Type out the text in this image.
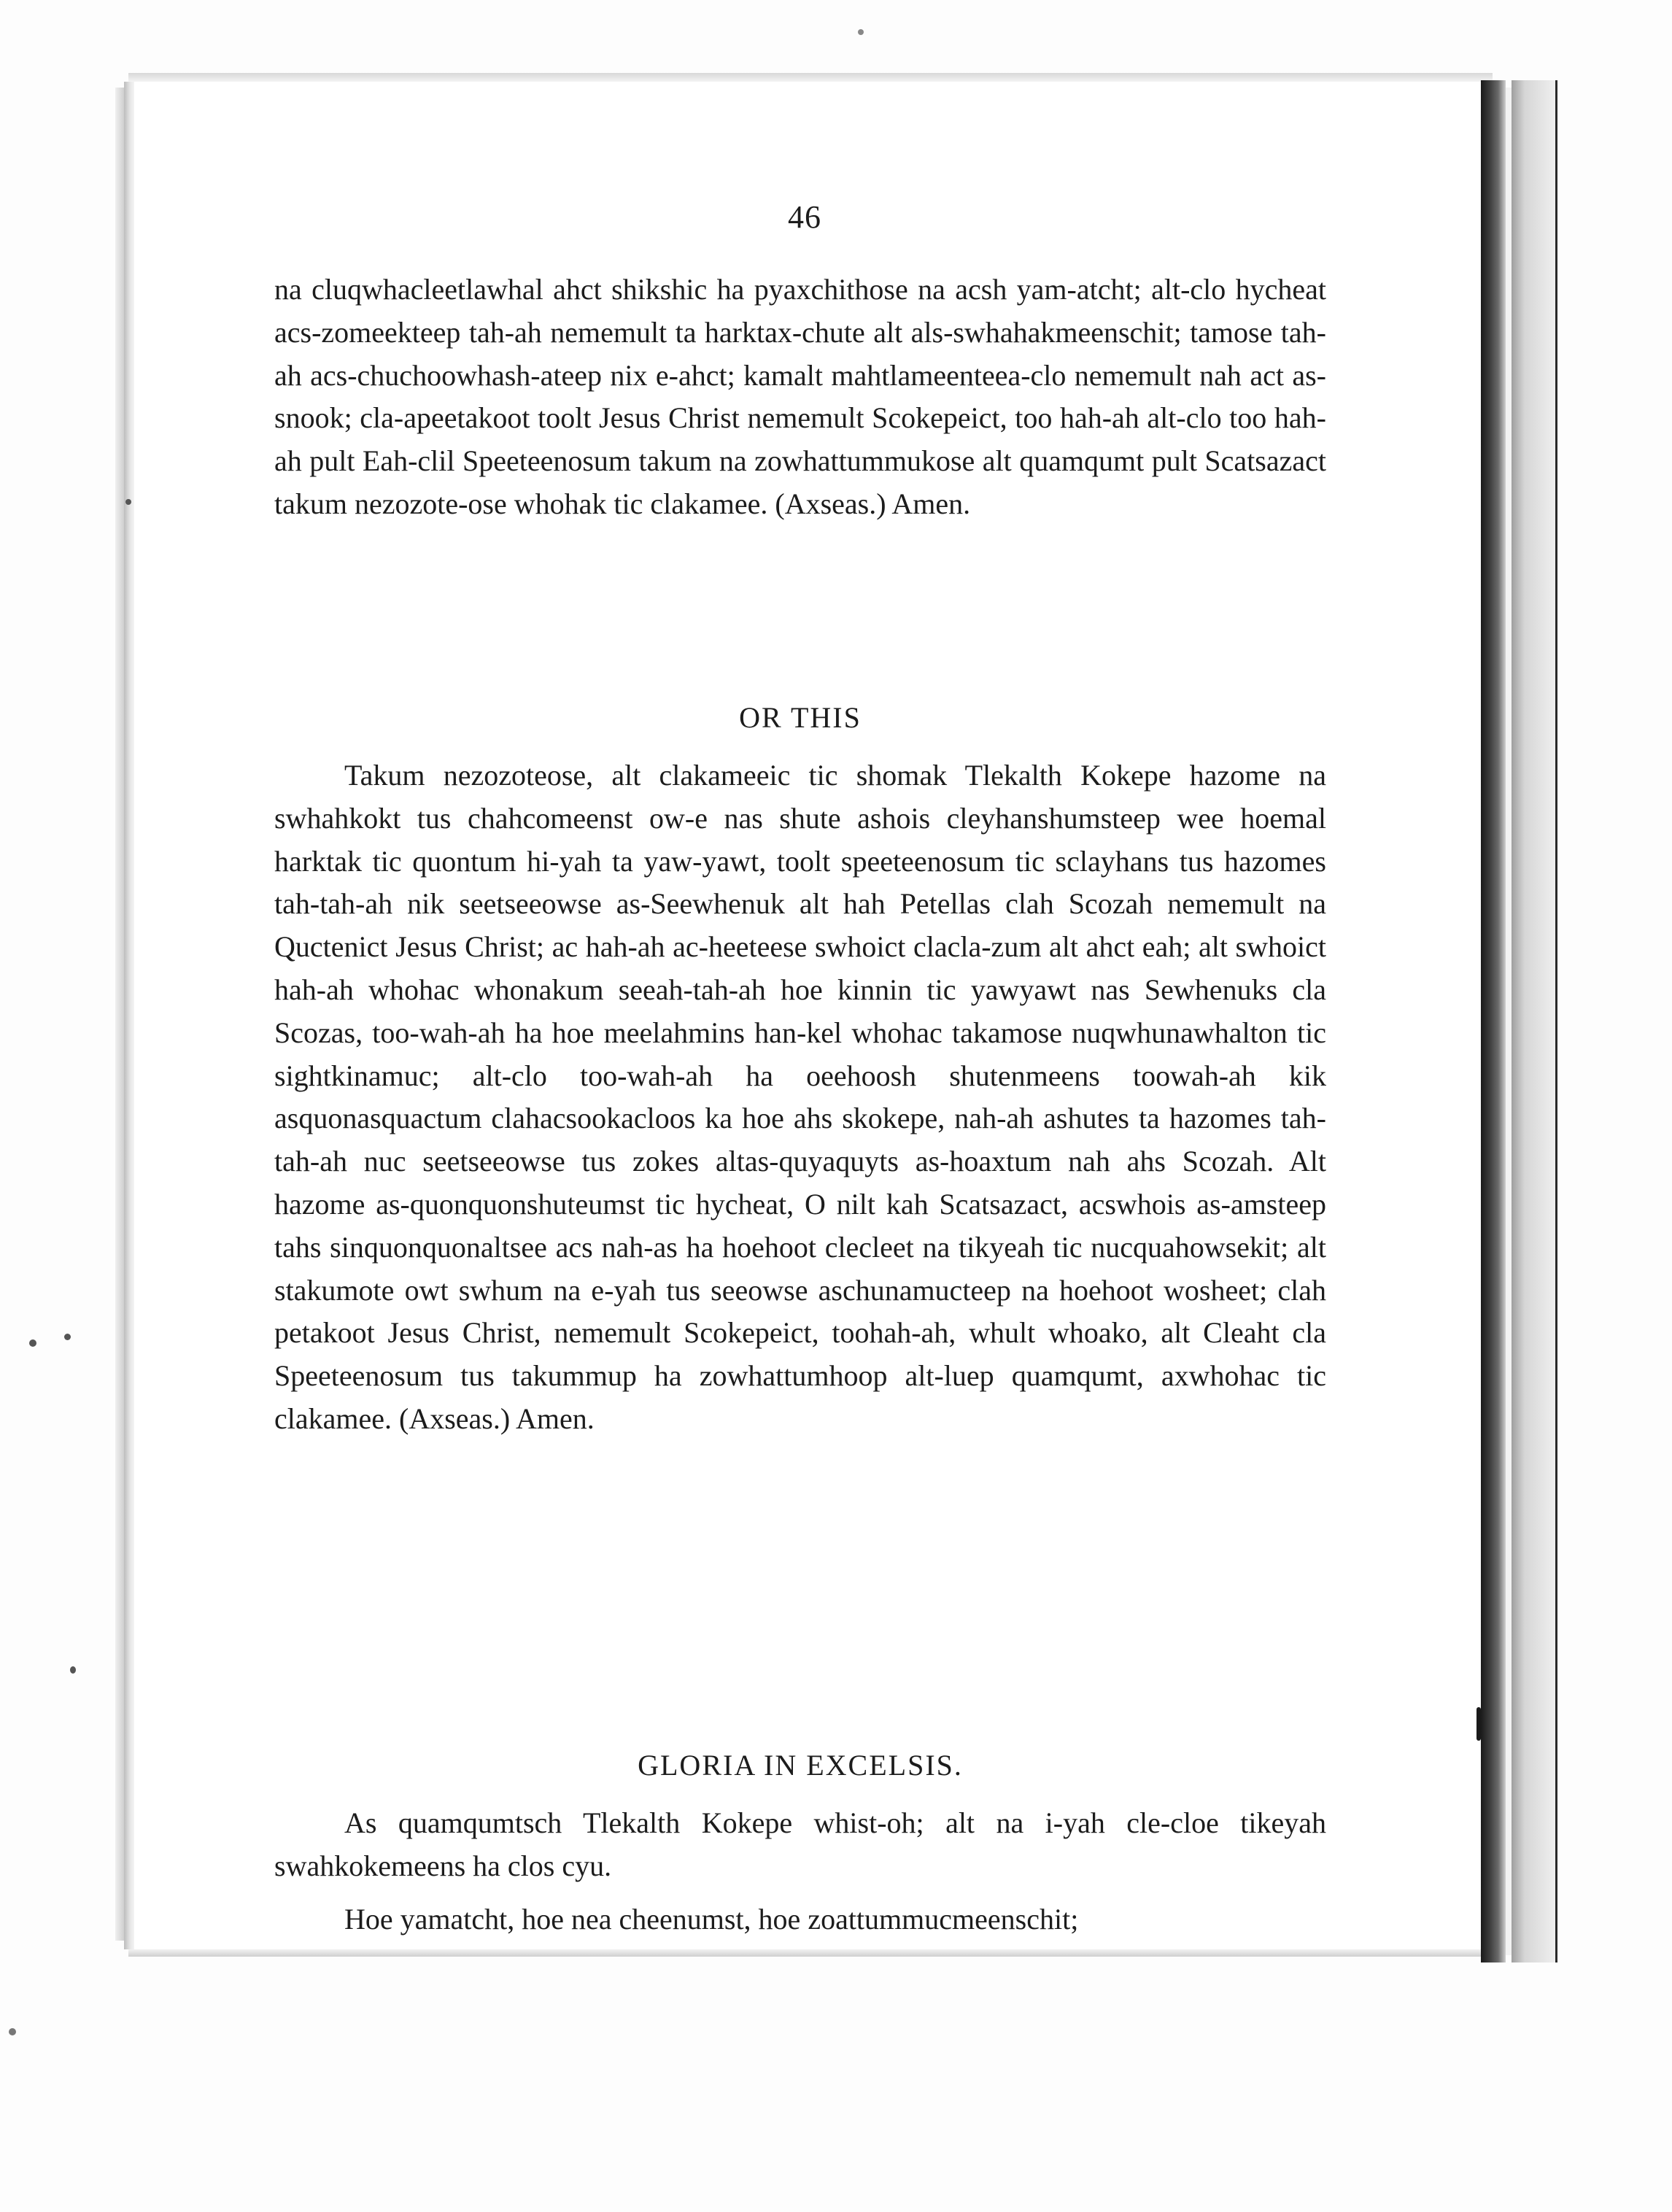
46

na cluqwhacleetlawhal ahct shikshic ha pyaxchithose na acsh yam-atcht; alt-clo hycheat acs-zomeekteep tah-ah nememult ta harktax-chute alt als-swhahakmeenschit; tamose tah-ah acs-chuchoowhash-ateep nix e-ahct; kamalt mahtlameenteea-clo nememult nah act as-snook; cla-apeetakoot toolt Jesus Christ nememult Scokepeict, too hah-ah alt-clo too hah-ah pult Eah-clil Speeteenosum takum na zowhattummukose alt quamqumt pult Scatsazact takum nezozote-ose whohak tic clakamee. (Axseas.) Amen.

OR THIS

Takum nezozoteose, alt clakameeic tic shomak Tlekalth Kokepe hazome na swhahkokt tus chahcomeenst ow-e nas shute ashois cleyhanshumsteep wee hoemal harktak tic quontum hi-yah ta yaw-yawt, toolt speeteenosum tic sclayhans tus hazomes tah-tah-ah nik seetseeowse as-Seewhenuk alt hah Petellas clah Scozah nememult na Quctenict Jesus Christ; ac hah-ah ac-heeteese swhoict clacla-zum alt ahct eah; alt swhoict hah-ah whohac whonakum seeah-tah-ah hoe kinnin tic yawyawt nas Sewhenuks cla Scozas, too-wah-ah ha hoe meelahmins han-kel whohac takamose nuqwhunawhalton tic sightkinamuc; alt-clo too-wah-ah ha oeehoosh shutenmeens toowah-ah kik asquonasquactum clahacsookacloos ka hoe ahs skokepe, nah-ah ashutes ta hazomes tah-tah-ah nuc seetseeowse tus zokes altas-quyaquyts as-hoaxtum nah ahs Scozah. Alt hazome as-quonquonshuteumst tic hycheat, O nilt kah Scatsazact, acswhois as-amsteep tahs sinquonquonaltsee acs nah-as ha hoehoot clecleet na tikyeah tic nucquahowsekit; alt stakumote owt swhum na e-yah tus seeowse aschunamucteep na hoehoot wosheet; clah petakoot Jesus Christ, nememult Scokepeict, toohah-ah, whult whoako, alt Cleaht cla Speeteenosum tus takummup ha zowhattumhoop alt-luep quamqumt, axwhohac tic clakamee. (Axseas.) Amen.

GLORIA IN EXCELSIS.

As quamqumtsch Tlekalth Kokepe whist-oh; alt na i-yah cle-cloe tikeyah swahkokemeens ha clos cyu.

Hoe yamatcht, hoe nea cheenumst, hoe zoattummucmeenschit;
